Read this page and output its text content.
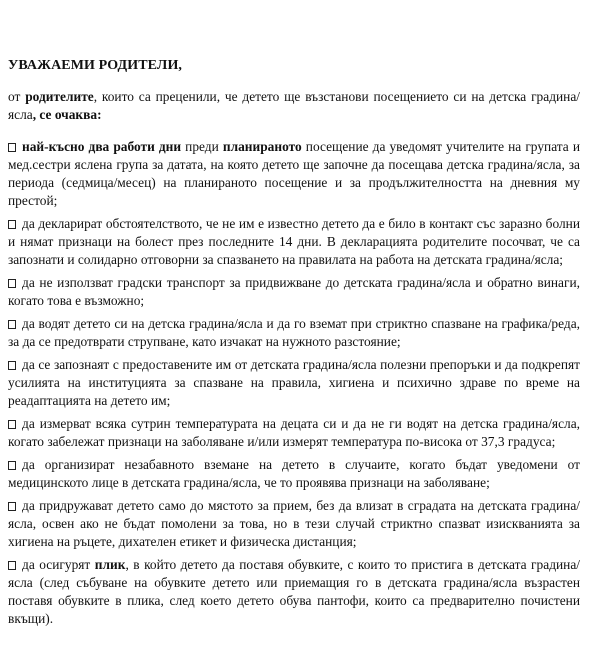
УВАЖАЕМИ РОДИТЕЛИ,
от родителите, които са преценили, че детето ще възстанови посещението си на детска градина/ясла, се очаква:
най-късно два работи дни преди планираното посещение да уведомят учителите на групата и мед.сестри яслена група за датата, на която детето ще започне да посещава детска градина/ясла, за периода (седмица/месец) на планираното посещение и за продължителността на дневния му престой;
да декларират обстоятелството, че не им е известно детето да е било в контакт със заразно болни и нямат признаци на болест през последните 14 дни. В декларацията родителите посочват, че са запознати и солидарно отговорни за спазването на правилата на работа на детската градина/ясла;
да не използват градски транспорт за придвижване до детската градина/ясла и обратно винаги, когато това е възможно;
да водят детето си на детска градина/ясла и да го вземат при стриктно спазване на графика/реда, за да се предотврати струпване, като изчакат на нужното разстояние;
да се запознаят с предоставените им от детската градина/ясла полезни препоръки и да подкрепят усилията на институцията за спазване на правила, хигиена и психично здраве по време на реадаптацията на детето им;
да измерват всяка сутрин температурата на децата си и да не ги водят на детска градина/ясла, когато забележат признаци на заболяване и/или измерят температура по-висока от 37,3 градуса;
да организират незабавното вземане на детето в случаите, когато бъдат уведомени от медицинското лице в детската градина/ясла, че то проявява признаци на заболяване;
да придружават детето само до мястото за прием, без да влизат в сградата на детската градина/ясла, освен ако не бъдат помолени за това, но в тези случай стриктно спазват изискванията за хигиена на ръцете, дихателен етикет и физическа дистанция;
да осигурят плик, в който детето да поставя обувките, с които то пристига в детската градина/ясла (след събуване на обувките детето или приемащия го в детската градина/ясла възрастен поставя обувките в плика, след което детето обува пантофи, които са предварително почистени вкъщи).
